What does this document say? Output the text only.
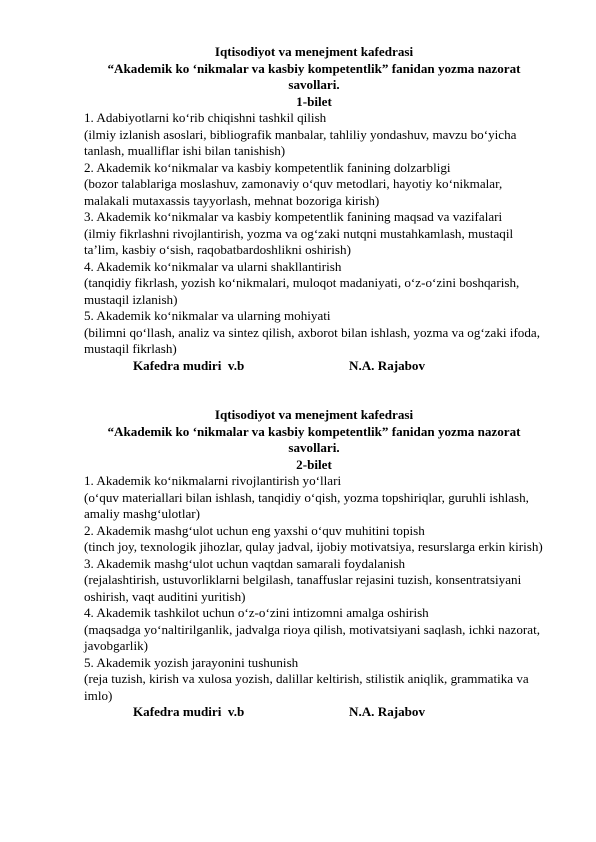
Iqtisodiyot va menejment kafedrasi
“Akademik ko ‘nikmalar va kasbiy kompetentlik” fanidan yozma nazorat savollari.
1-bilet

1. Adabiyotlarni ko‘rib chiqishni tashkil qilish

(ilmiy izlanish asoslari, bibliografik manbalar, tahliliy yondashuv, mavzu bo‘yicha tanlash, mualliflar ishi bilan tanishish)

2. Akademik ko‘nikmalar va kasbiy kompetentlik fanining dolzarbligi

(bozor talablariga moslashuv, zamonaviy o‘quv metodlari, hayotiy ko‘nikmalar, malakali mutaxassis tayyorlash, mehnat bozoriga kirish)

3. Akademik ko‘nikmalar va kasbiy kompetentlik fanining maqsad va vazifalari

(ilmiy fikrlashni rivojlantirish, yozma va og‘zaki nutqni mustahkamlash, mustaqil ta’lim, kasbiy o‘sish, raqobatbardoshlikni oshirish)

4. Akademik ko‘nikmalar va ularni shakllantirish

(tanqidiy fikrlash, yozish ko‘nikmalari, muloqot madaniyati, o‘z-o‘zini boshqarish, mustaqil izlanish)

5. Akademik ko‘nikmalar va ularning mohiyati

(bilimni qo‘llash, analiz va sintez qilish, axborot bilan ishlash, yozma va og‘zaki ifoda, mustaqil fikrlash)

Kafedra mudiri  v.b	N.A. Rajabov
Iqtisodiyot va menejment kafedrasi
“Akademik ko ‘nikmalar va kasbiy kompetentlik” fanidan yozma nazorat savollari.
2-bilet

1. Akademik ko‘nikmalarni rivojlantirish yo‘llari

(o‘quv materiallari bilan ishlash, tanqidiy o‘qish, yozma topshiriqlar, guruhli ishlash, amaliy mashg‘ulotlar)

2. Akademik mashg‘ulot uchun eng yaxshi o‘quv muhitini topish

(tinch joy, texnologik jihozlar, qulay jadval, ijobiy motivatsiya, resurslarga erkin kirish)

3. Akademik mashg‘ulot uchun vaqtdan samarali foydalanish

(rejalashtirish, ustuvorliklarni belgilash, tanaffuslar rejasini tuzish, konsentratsiyani oshirish, vaqt auditini yuritish)

4. Akademik tashkilot uchun o‘z-o‘zini intizomni amalga oshirish

(maqsadga yo‘naltirilganlik, jadvalga rioya qilish, motivatsiyani saqlash, ichki nazorat, javobgarlik)

5. Akademik yozish jarayonini tushunish

(reja tuzish, kirish va xulosa yozish, dalillar keltirish, stilistik aniqlik, grammatika va imlo)

Kafedra mudiri  v.b	N.A. Rajabov
